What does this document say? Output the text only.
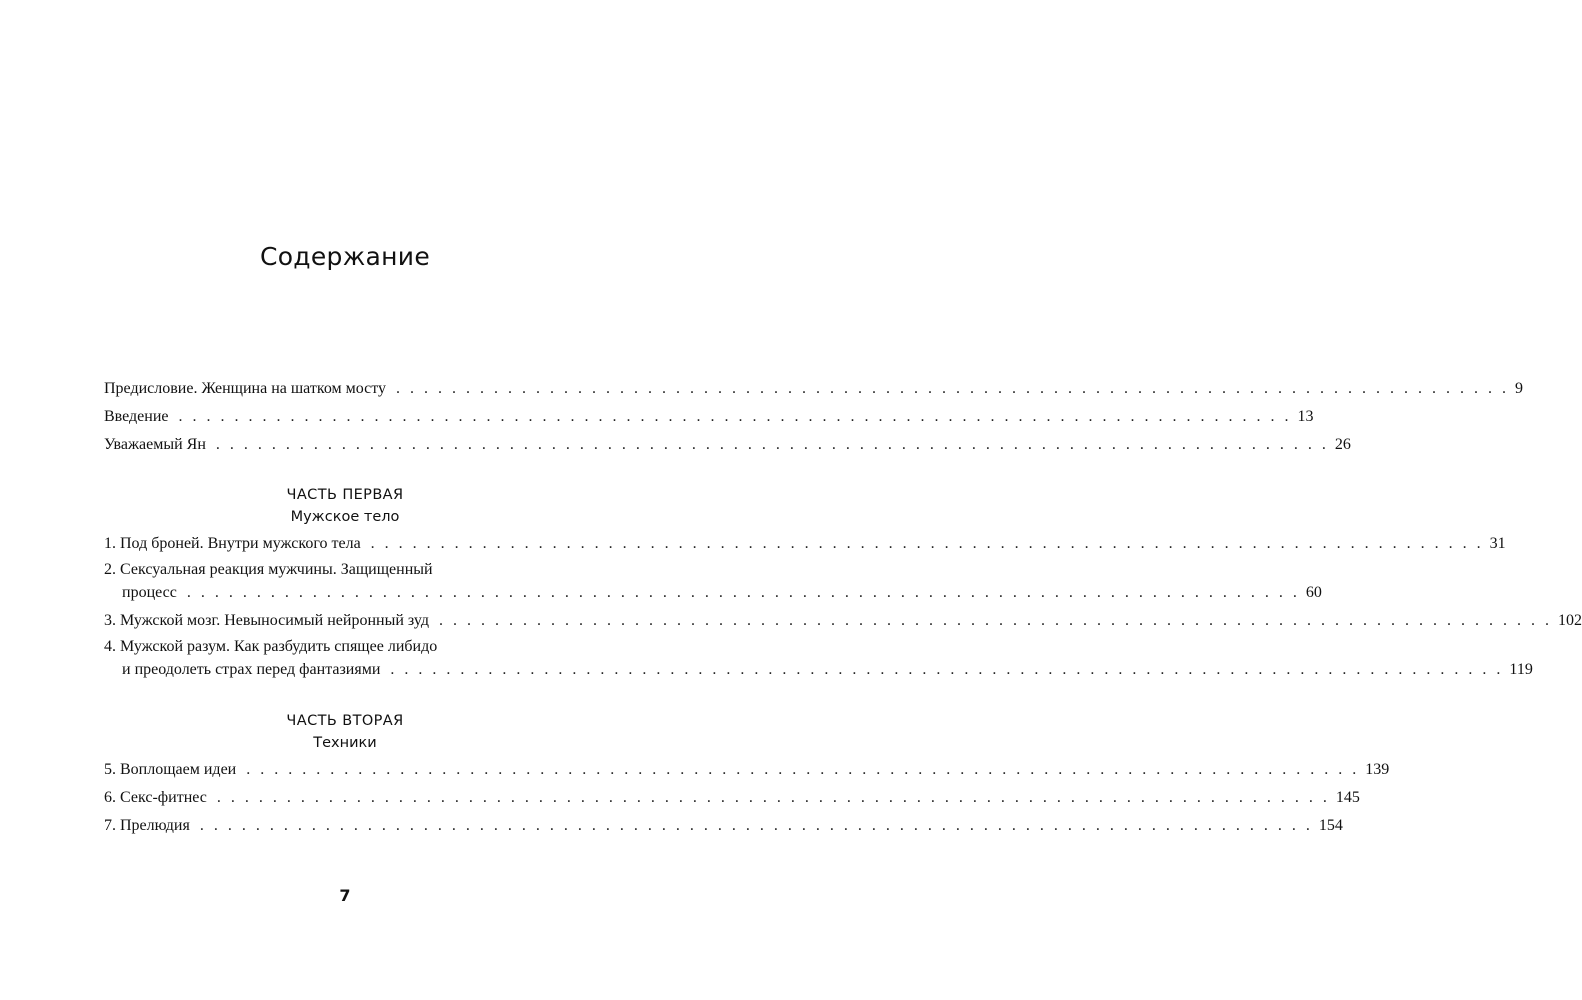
Содержание
Предисловие. Женщина на шатком мосту . . . . . . . . . . . . . . . . . . . . . . . . . . . . . . . . . . . . . . . . . . . . . . . . . . . . . . . . . . . . . . . . . . . . . . . . . . . . . . . . 9
Введение . . . . . . . . . . . . . . . . . . . . . . . . . . . . . . . . . . . . . . . . . . . . . . . . . . . . . . . . . . . . . . . . . . . . . . . . . . . . . . . . 13
Уважаемый Ян . . . . . . . . . . . . . . . . . . . . . . . . . . . . . . . . . . . . . . . . . . . . . . . . . . . . . . . . . . . . . . . . . . . . . . . . . . . . . . . . 26
1. Под броней. Внутри мужского тела . . . . . . . . . . . . . . . . . . . . . . . . . . . . . . . . . . . . . . . . . . . . . . . . . . . . . . . . . . . . . . . . . . . . . . . . . . . . . . . . 31
2. Сексуальная реакция мужчины. Защищенный
процесс . . . . . . . . . . . . . . . . . . . . . . . . . . . . . . . . . . . . . . . . . . . . . . . . . . . . . . . . . . . . . . . . . . . . . . . . . . . . . . . . 60
3. Мужской мозг. Невыносимый нейронный зуд . . . . . . . . . . . . . . . . . . . . . . . . . . . . . . . . . . . . . . . . . . . . . . . . . . . . . . . . . . . . . . . . . . . . . . . . . . . . . . . . 102
4. Мужской разум. Как разбудить спящее либидо
и преодолеть страх перед фантазиями . . . . . . . . . . . . . . . . . . . . . . . . . . . . . . . . . . . . . . . . . . . . . . . . . . . . . . . . . . . . . . . . . . . . . . . . . . . . . . . . 119
5. Воплощаем идеи . . . . . . . . . . . . . . . . . . . . . . . . . . . . . . . . . . . . . . . . . . . . . . . . . . . . . . . . . . . . . . . . . . . . . . . . . . . . . . . . 139
6. Секс-фитнес . . . . . . . . . . . . . . . . . . . . . . . . . . . . . . . . . . . . . . . . . . . . . . . . . . . . . . . . . . . . . . . . . . . . . . . . . . . . . . . . 145
7. Прелюдия . . . . . . . . . . . . . . . . . . . . . . . . . . . . . . . . . . . . . . . . . . . . . . . . . . . . . . . . . . . . . . . . . . . . . . . . . . . . . . . . 154
ЧАСТЬ ПЕРВАЯ
Мужское тело
ЧАСТЬ ВТОРАЯ
Техники
7
